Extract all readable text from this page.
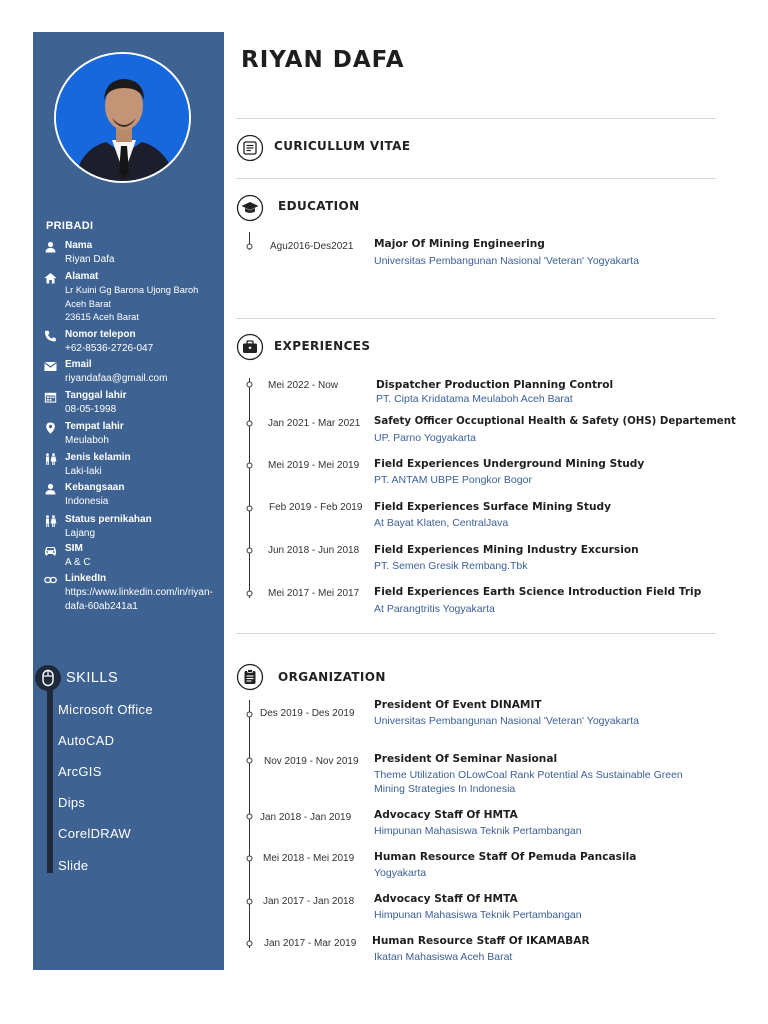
PRIBADI
Nama
Riyan Dafa
Alamat
Lr Kuini Gg Barona Ujong Baroh
Aceh Barat
23615 Aceh Barat
Nomor telepon
+62-8536-2726-047
Email
riyandafaa@gmail.com
Tanggal lahir
08-05-1998
Tempat lahir
Meulaboh
Jenis kelamin
Laki-laki
Kebangsaan
Indonesia
Status pernikahan
Lajang
SIM
A & C
LinkedIn
https://www.linkedin.com/in/riyan-
dafa-60ab241a1
SKILLS
Microsoft Office
AutoCAD
ArcGIS
Dips
CorelDRAW
Slide
RIYAN DAFA
CURICULLUM VITAE
EDUCATION
Agu2016-Des2021 Major Of Mining Engineering
Universitas Pembangunan Nasional 'Veteran' Yogyakarta
EXPERIENCES
Mei 2022 - Now	Dispatcher Production Planning Control
PT. Cipta Kridatama Meulaboh Aceh Barat
Jan 2021 - Mar 2021 Safety Officer Occuptional Health & Safety (OHS) Departement
UP. Parno Yogyakarta
Mei 2019 - Mei 2019 Field Experiences Underground Mining Study
PT. ANTAM UBPE Pongkor Bogor
Feb 2019 - Feb 2019 Field Experiences Surface Mining Study
At Bayat Klaten, CentralJava
Jun 2018 - Jun 2018 Field Experiences Mining Industry Excursion
PT. Semen Gresik Rembang.Tbk
Mei 2017 - Mei 2017 Field Experiences Earth Science Introduction Field Trip
At Parangtritis Yogyakarta
ORGANIZATION
Des 2019 - Des 2019
President Of Event DINAMIT
Universitas Pembangunan Nasional 'Veteran' Yogyakarta
Nov 2019 - Nov 2019 President Of Seminar Nasional
Theme Utilization OLowCoal Rank Potential As Sustainable Green
Mining Strategies In Indonesia
Jan 2018 - Jan 2019 Advocacy Staff Of HMTA
Himpunan Mahasiswa Teknik Pertambangan
Mei 2018 - Mei 2019 Human Resource Staff Of Pemuda Pancasila
Yogyakarta
Jan 2017 - Jan 2018 Advocacy Staff Of HMTA
Himpunan Mahasiswa Teknik Pertambangan
Jan 2017 - Mar 2019 Human Resource Staff Of IKAMABAR
Ikatan Mahasiswa Aceh Barat
